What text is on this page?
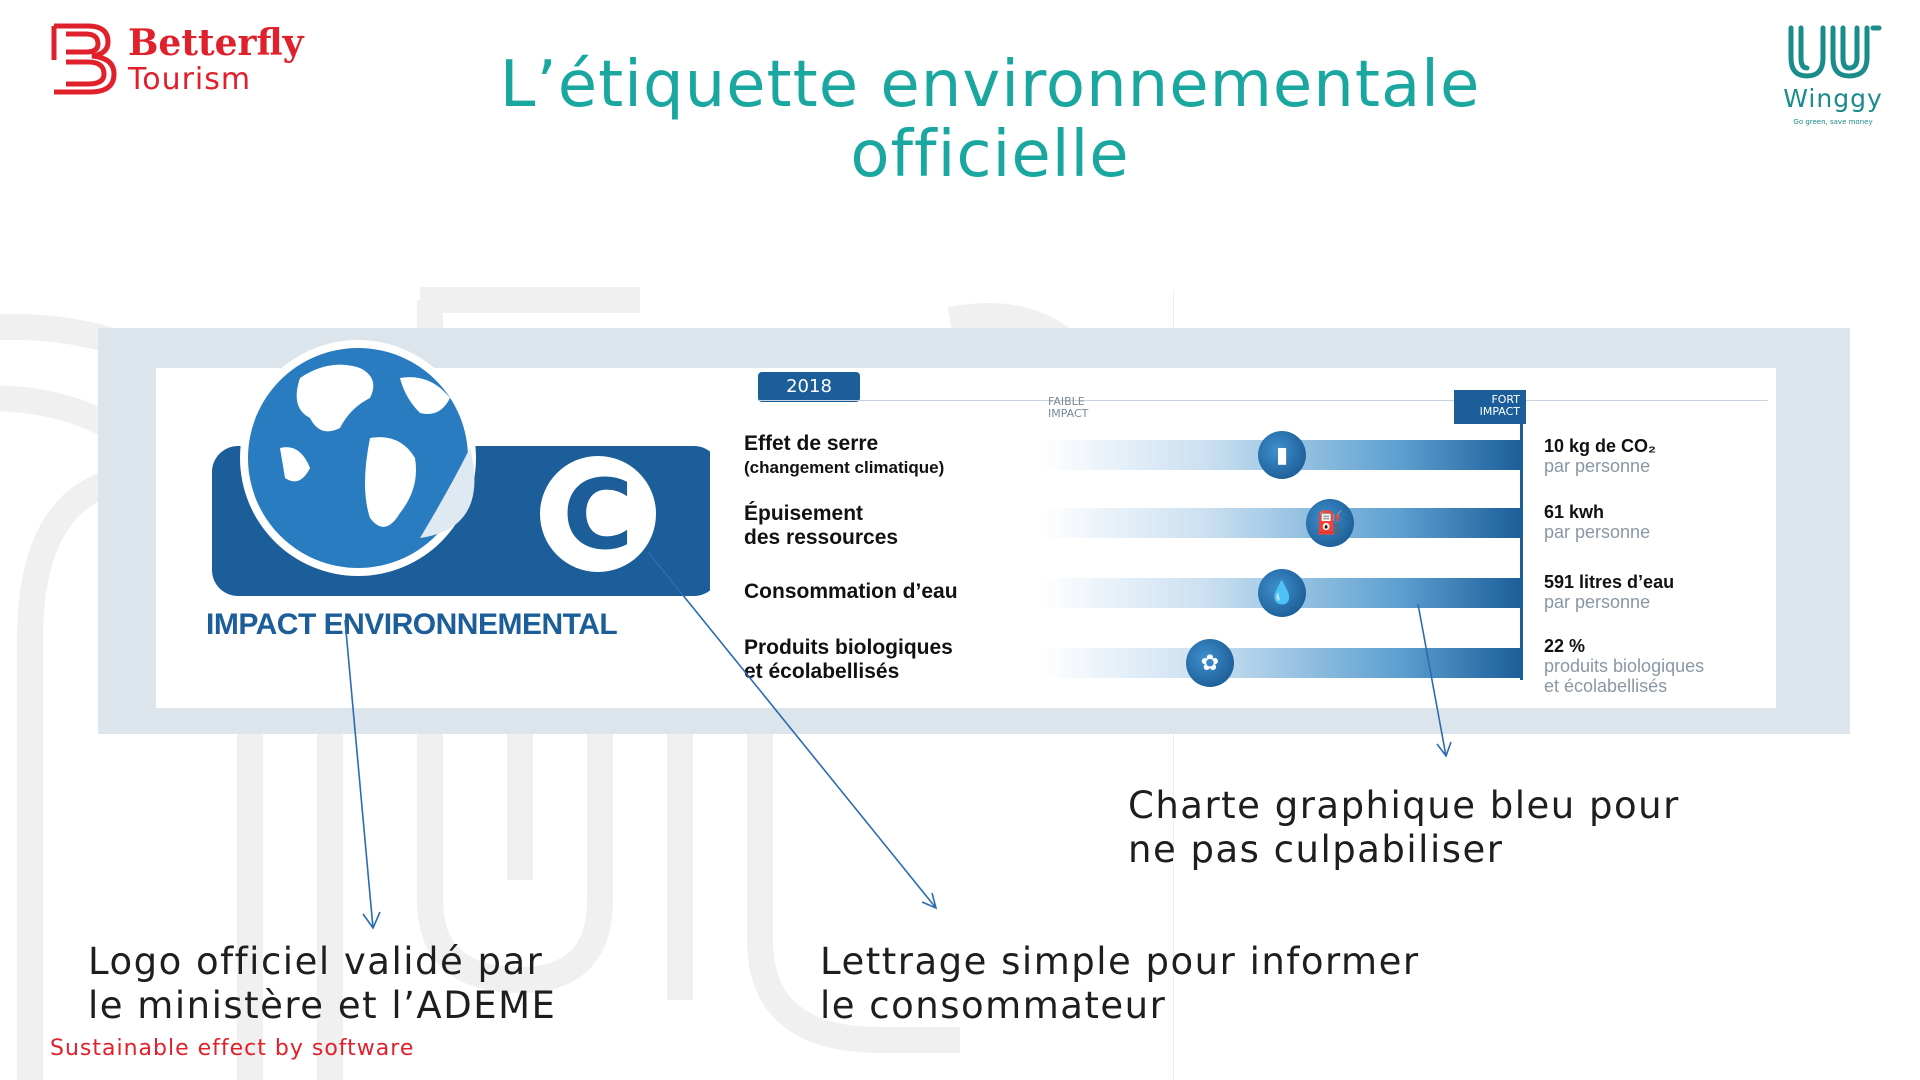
Betterfly
Tourism
Winggy
Go green, save money
L’étiquette environnementale
officielle
C
IMPACT ENVIRONNEMENTAL
2018
FAIBLE IMPACT
FORT IMPACT
Effet de serre
(changement climatique)
Épuisement
des ressources
Consommation d’eau
Produits biologiques
et écolabellisés
▮
⛽
💧
✿
10 kg de CO₂
par personne
61 kwh
par personne
591 litres d’eau
par personne
22 %
produits biologiques
et écolabellisés
Charte graphique bleu pour
ne pas culpabiliser
Logo officiel validé par
le ministère et l’ADEME
Lettrage simple pour informer
le consommateur
Sustainable effect by software
